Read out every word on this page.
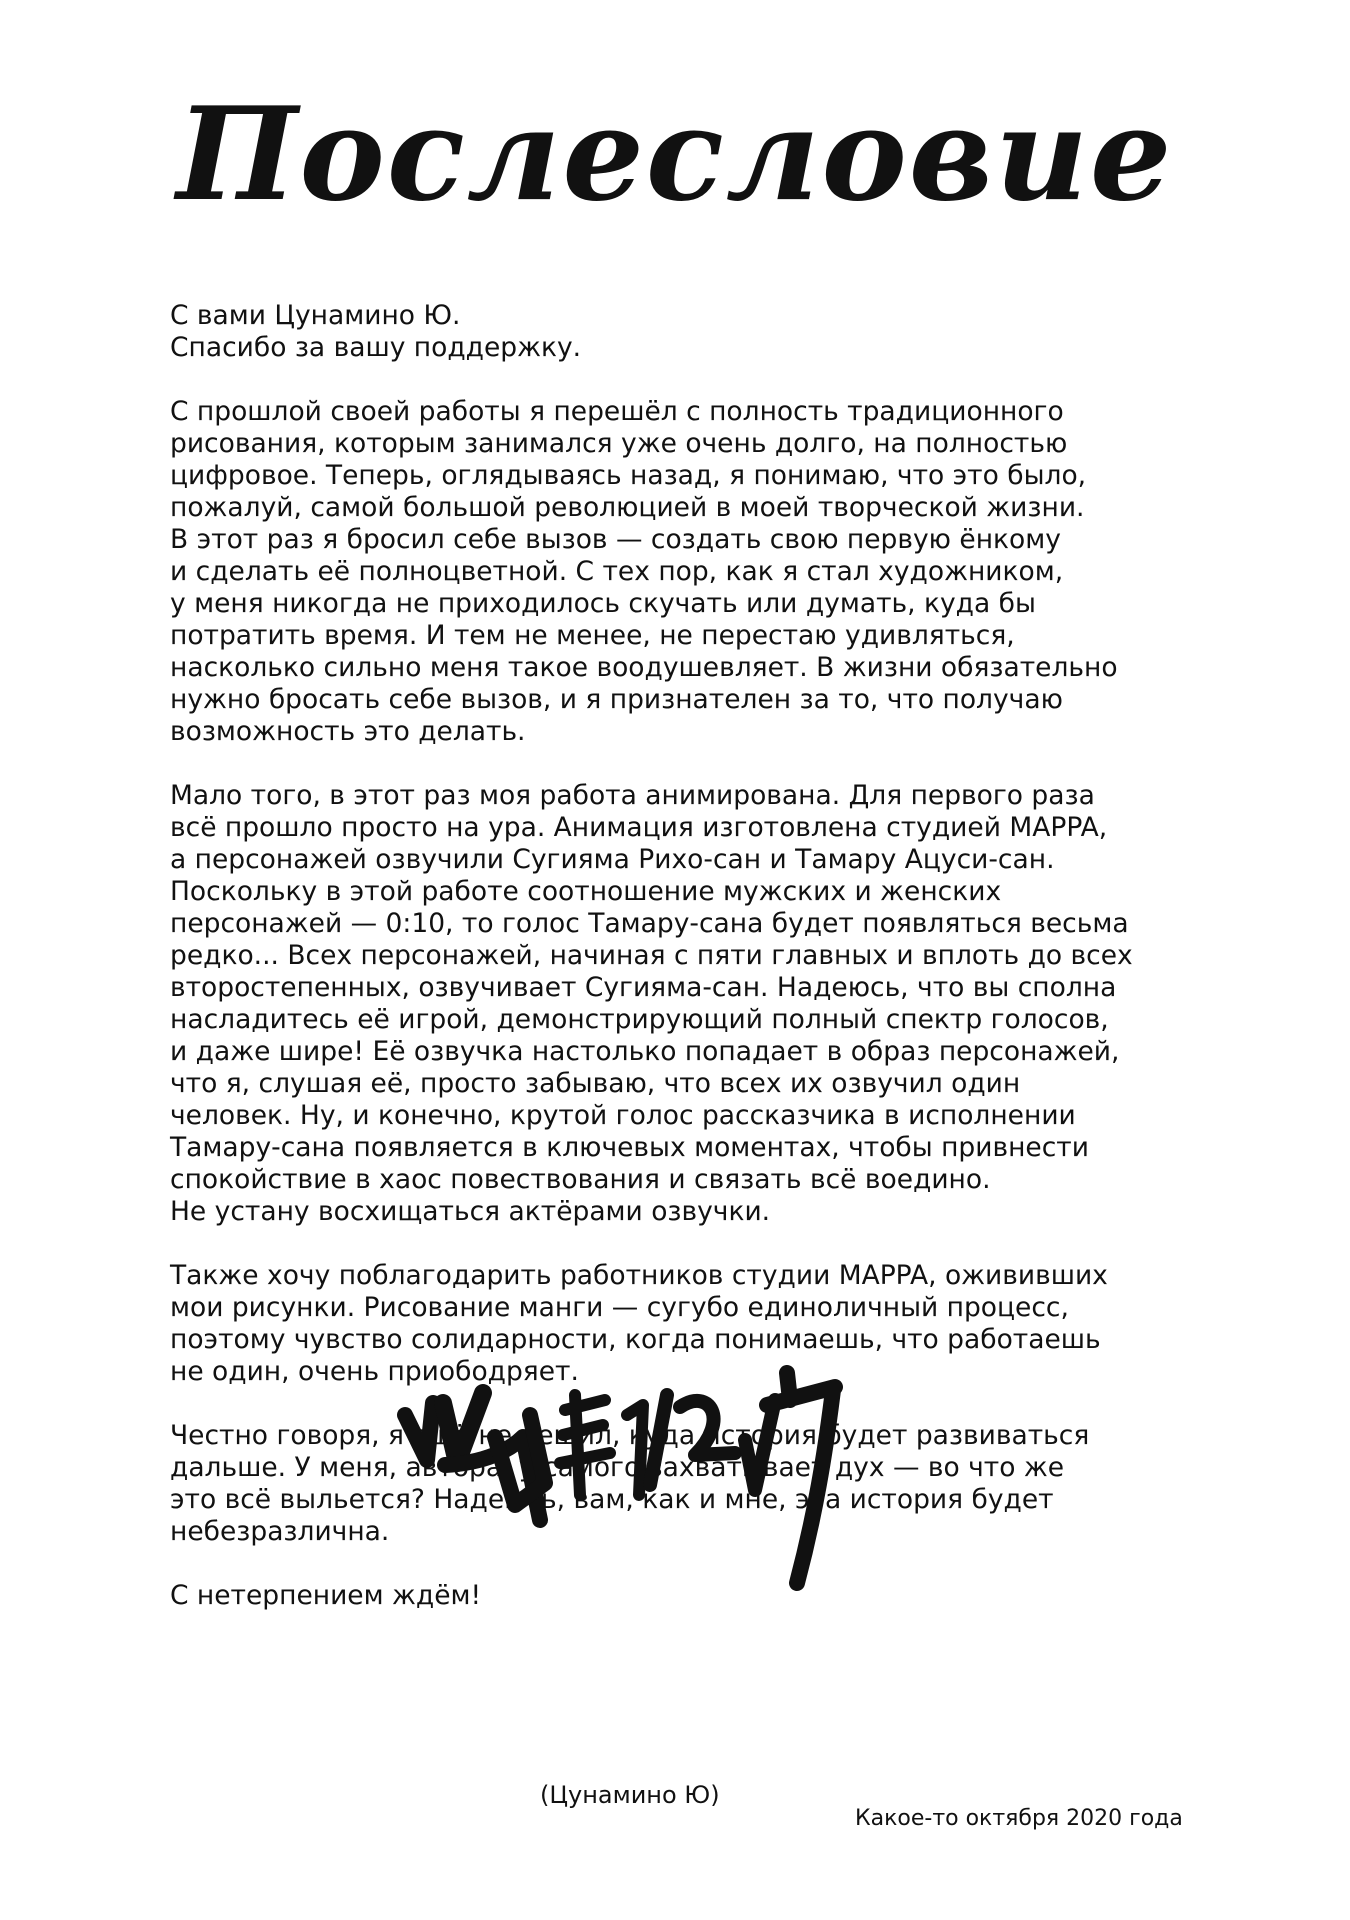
Послесловие
С вами Цунамино Ю.
Спасибо за вашу поддержку.
С прошлой своей работы я перешёл с полность традиционного
рисования, которым занимался уже очень долго, на полностью
цифровое. Теперь, оглядываясь назад, я понимаю, что это было,
пожалуй, самой большой революцией в моей творческой жизни.
В этот раз я бросил себе вызов — создать свою первую ёнкому
и сделать её полноцветной. С тех пор, как я стал художником,
у меня никогда не приходилось скучать или думать, куда бы
потратить время. И тем не менее, не перестаю удивляться,
насколько сильно меня такое воодушевляет. В жизни обязательно
нужно бросать себе вызов, и я признателен за то, что получаю
возможность это делать.
Мало того, в этот раз моя работа анимирована. Для первого раза
всё прошло просто на ура. Анимация изготовлена студией MAPPA,
а персонажей озвучили Сугияма Рихо-сан и Тамару Ацуси-сан.
Поскольку в этой работе соотношение мужских и женских
персонажей — 0:10, то голос Тамару-сана будет появляться весьма
редко... Всех персонажей, начиная с пяти главных и вплоть до всех
второстепенных, озвучивает Сугияма-сан. Надеюсь, что вы сполна
насладитесь её игрой, демонстрирующий полный спектр голосов,
и даже шире! Её озвучка настолько попадает в образ персонажей,
что я, слушая её, просто забываю, что всех их озвучил один
человек. Ну, и конечно, крутой голос рассказчика в исполнении
Тамару-сана появляется в ключевых моментах, чтобы привнести
спокойствие в хаос повествования и связать всё воедино.
Не устану восхищаться актёрами озвучки.
Также хочу поблагодарить работников студии MAPPA, ожививших
мои рисунки. Рисование манги — сугубо единоличный процесс,
поэтому чувство солидарности, когда понимаешь, что работаешь
не один, очень приободряет.
Честно говоря, я ещё не решил, куда история будет развиваться
дальше. У меня, автора, у самого захватывает дух — во что же
это всё выльется? Надеюсь, вам, как и мне, эта история будет
небезразлична.
С нетерпением ждём!
(Цунамино Ю)
Какое-то октября 2020 года
